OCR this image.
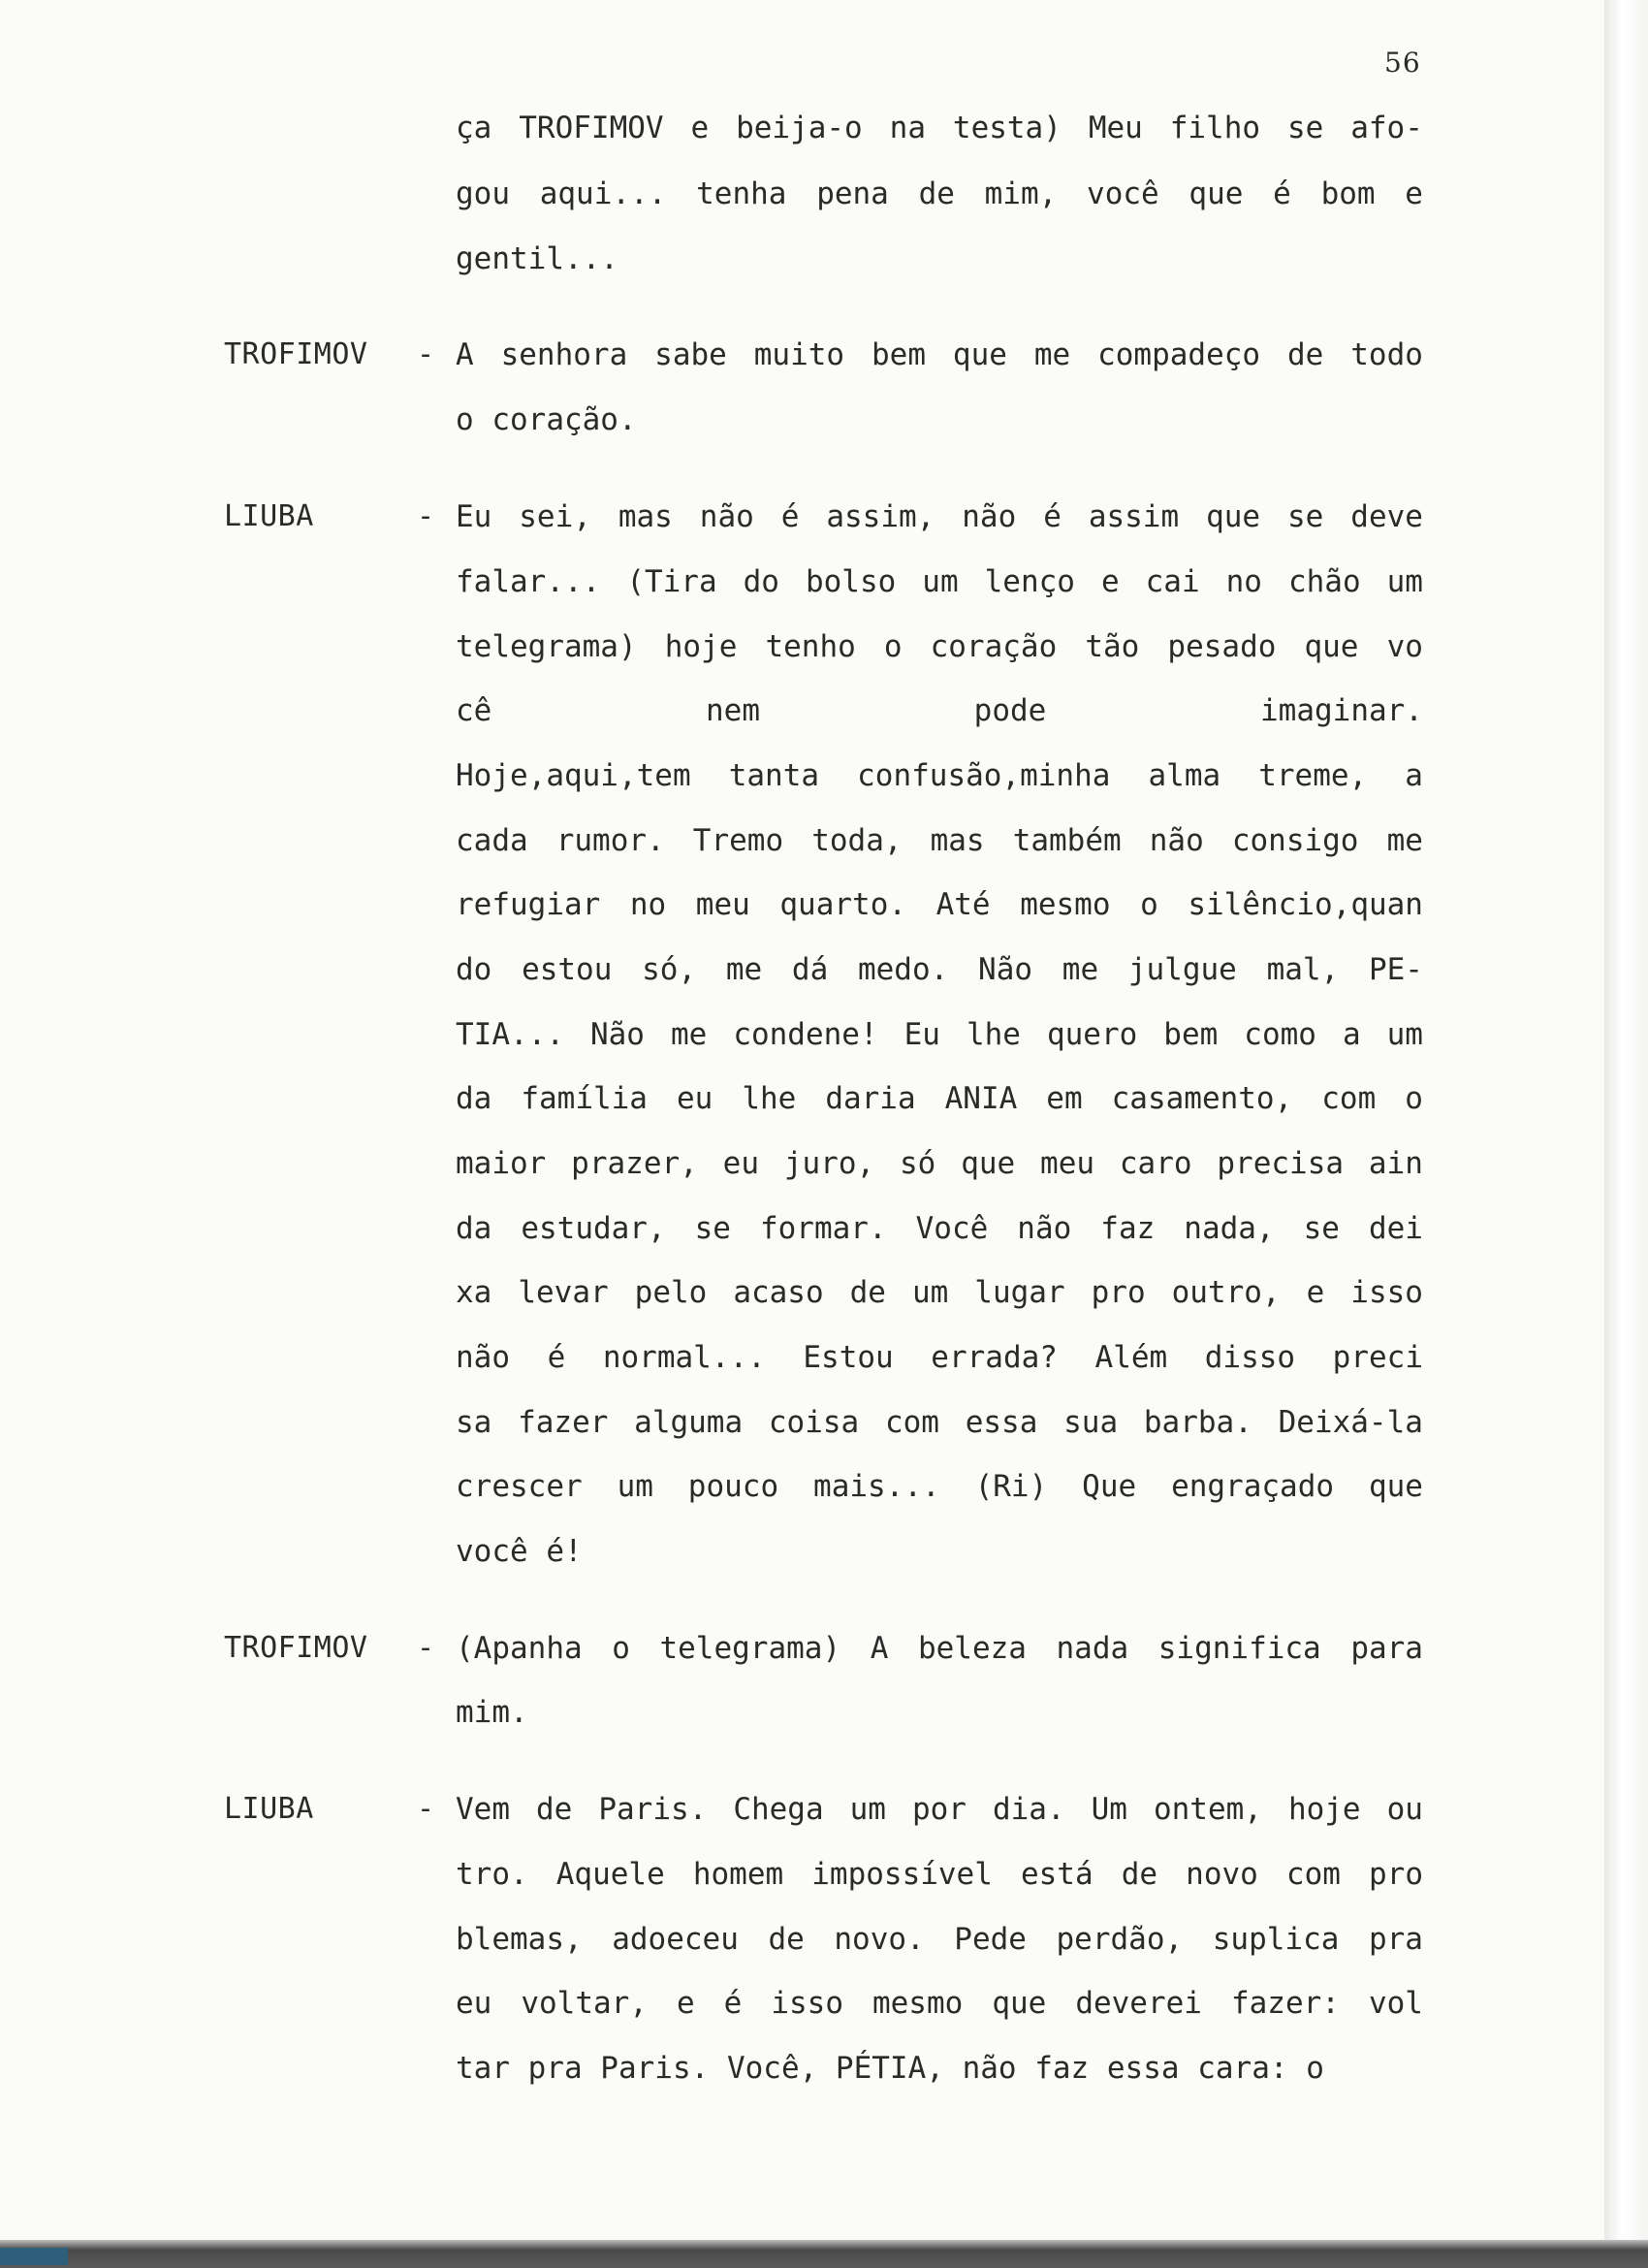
56
ça TROFIMOV e beija-o na testa) Meu filho se afo-
gou aqui... tenha pena de mim, você que é bom e
gentil...
TROFIMOV - A senhora sabe muito bem que me compadeço de todo
o coração.
LIUBA	- Eu sei, mas não é assim, não é assim que se deve
falar... (Tira do bolso um lenço e cai no chão um
telegrama) hoje tenho o coração tão pesado que vo
cê	nem	pode	imaginar.
Hoje,aqui,tem tanta confusão,minha alma treme, a
cada rumor. Tremo toda, mas também não consigo me
refugiar no meu quarto. Até mesmo o silêncio,quan
do estou só, me dá medo. Não me julgue mal, PE-
TIA... Não me condene! Eu lhe quero bem como a um
da família eu lhe daria ANIA em casamento, com o
maior prazer, eu juro, só que meu caro precisa ain
da estudar, se formar. Você não faz nada, se dei
xa levar pelo acaso de um lugar pro outro, e isso
não é normal... Estou errada? Além disso preci
sa fazer alguma coisa com essa sua barba. Deixá-la
crescer um pouco mais... (Ri) Que engraçado que
você é!
TROFIMOV - (Apanha o telegrama) A beleza nada significa para
mim.
LIUBA	- Vem de Paris. Chega um por dia. Um ontem, hoje ou
tro. Aquele homem impossível está de novo com pro
blemas, adoeceu de novo. Pede perdão, suplica pra
eu voltar, e é isso mesmo que deverei fazer: vol
tar pra Paris. Você, PÉTIA, não faz essa cara: o
